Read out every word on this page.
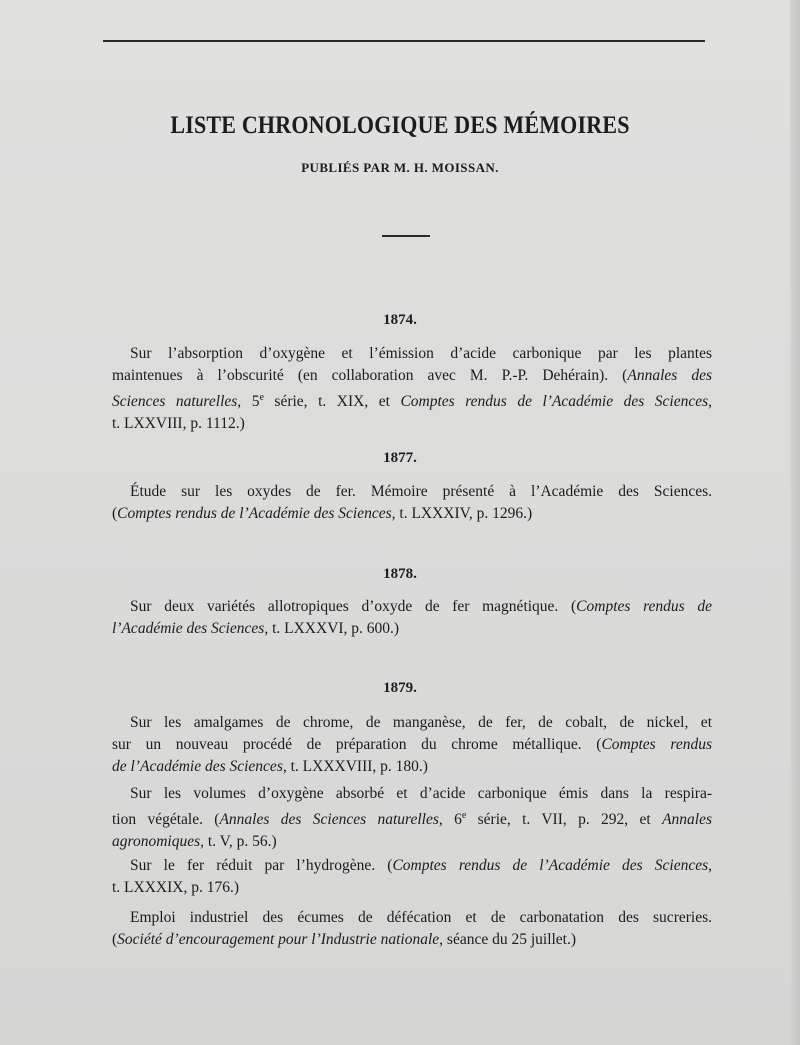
LISTE CHRONOLOGIQUE DES MÉMOIRES
PUBLIÉS PAR M. H. MOISSAN.
1874.
Sur l’absorption d’oxygène et l’émission d’acide carbonique par les plantes
maintenues à l’obscurité (en collaboration avec M. P.-P. Dehérain). (Annales des
Sciences naturelles, 5e série, t. XIX, et Comptes rendus de l’Académie des Sciences,
t. LXXVIII, p. 1112.)
1877.
Étude sur les oxydes de fer. Mémoire présenté à l’Académie des Sciences.
(Comptes rendus de l’Académie des Sciences, t. LXXXIV, p. 1296.)
1878.
Sur deux variétés allotropiques d’oxyde de fer magnétique. (Comptes rendus de
l’Académie des Sciences, t. LXXXVI, p. 600.)
1879.
Sur les amalgames de chrome, de manganèse, de fer, de cobalt, de nickel, et
sur un nouveau procédé de préparation du chrome métallique. (Comptes rendus
de l’Académie des Sciences, t. LXXXVIII, p. 180.)
Sur les volumes d’oxygène absorbé et d’acide carbonique émis dans la respira-
tion végétale. (Annales des Sciences naturelles, 6e série, t. VII, p. 292, et Annales
agronomiques, t. V, p. 56.)
Sur le fer réduit par l’hydrogène. (Comptes rendus de l’Académie des Sciences,
t. LXXXIX, p. 176.)
Emploi industriel des écumes de défécation et de carbonatation des sucreries.
(Société d’encouragement pour l’Industrie nationale, séance du 25 juillet.)
